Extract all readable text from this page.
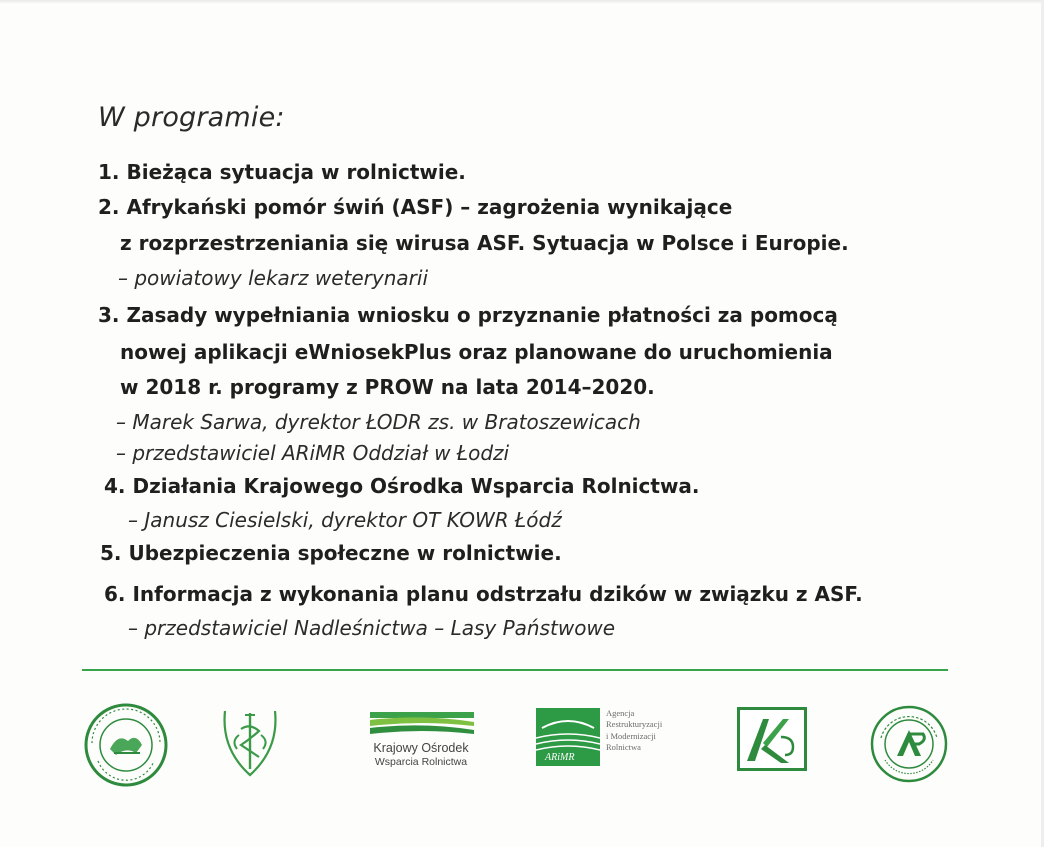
W programie:
1. Bieżąca sytuacja w rolnictwie.
2. Afrykański pomór świń (ASF) – zagrożenia wynikające
z rozprzestrzeniania się wirusa ASF. Sytuacja w Polsce i Europie.
– powiatowy lekarz weterynarii
3. Zasady wypełniania wniosku o przyznanie płatności za pomocą
nowej aplikacji eWniosekPlus oraz planowane do uruchomienia
w 2018 r. programy z PROW na lata 2014–2020.
– Marek Sarwa, dyrektor ŁODR zs. w Bratoszewicach
– przedstawiciel ARiMR Oddział w Łodzi
4. Działania Krajowego Ośrodka Wsparcia Rolnictwa.
– Janusz Ciesielski, dyrektor OT KOWR Łódź
5. Ubezpieczenia społeczne w rolnictwie.
6. Informacja z wykonania planu odstrzału dzików w związku z ASF.
– przedstawiciel Nadleśnictwa – Lasy Państwowe
Krajowy Ośrodek
Wsparcia Rolnictwa	ARiMR
Agencja
Restrukturyzacji
i Modernizacji
Rolnictwa
